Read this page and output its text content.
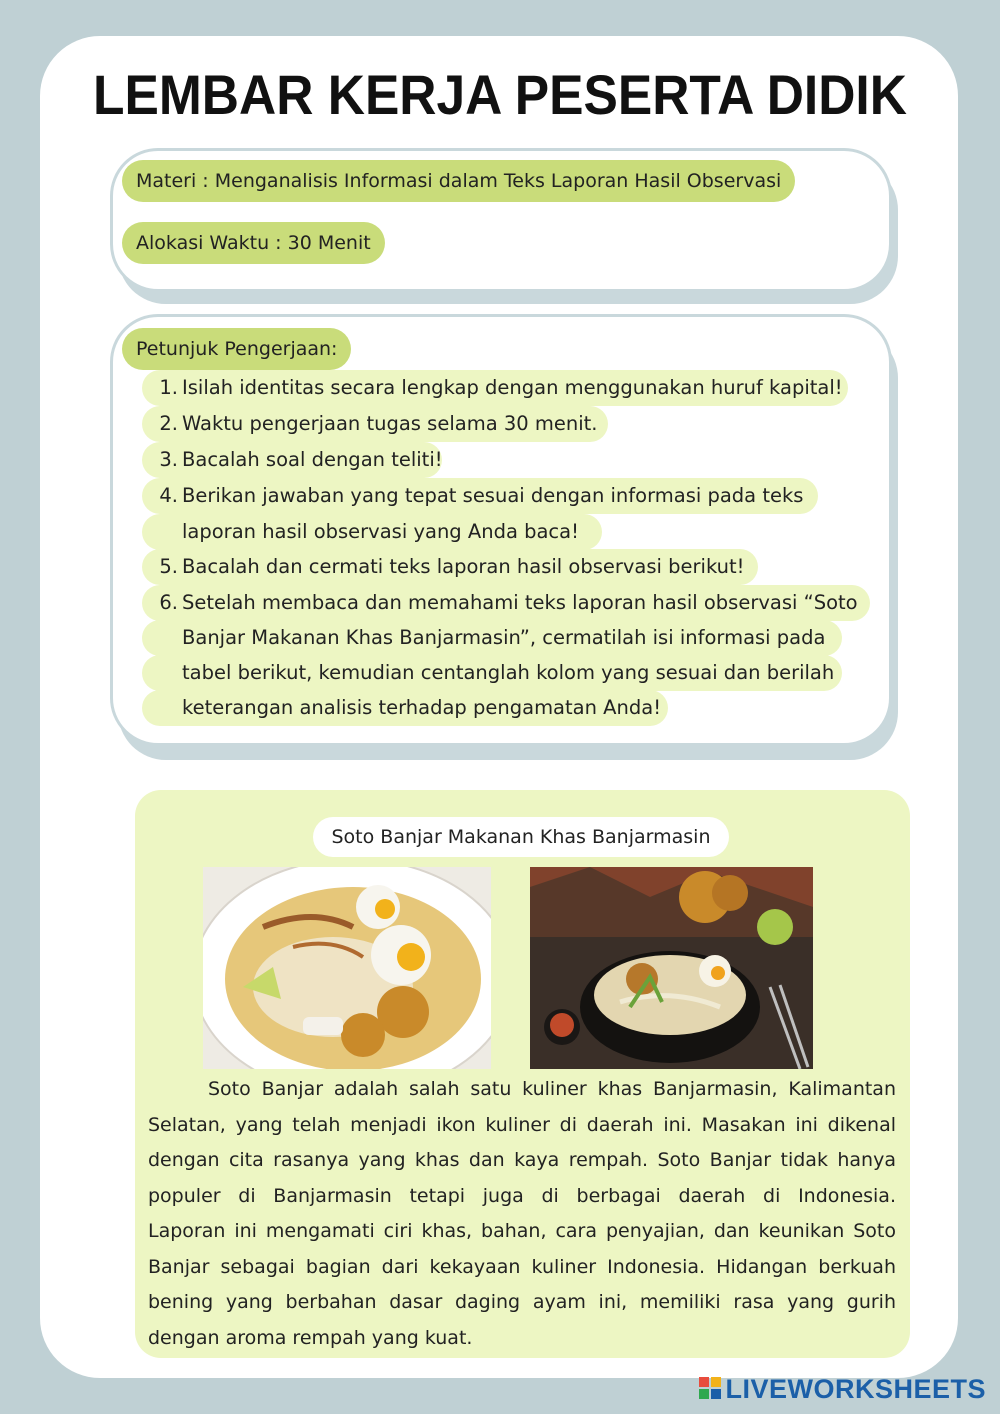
LEMBAR KERJA PESERTA DIDIK
Materi : Menganalisis Informasi dalam Teks Laporan Hasil Observasi
Alokasi Waktu : 30 Menit
Petunjuk Pengerjaan:
1. Isilah identitas secara lengkap dengan menggunakan huruf kapital!
2. Waktu pengerjaan tugas selama 30 menit.
3. Bacalah soal dengan teliti!
4. Berikan jawaban yang tepat sesuai dengan informasi pada teks
laporan hasil observasi yang Anda baca!
5. Bacalah dan cermati teks laporan hasil observasi berikut!
6. Setelah membaca dan memahami teks laporan hasil observasi “Soto
Banjar Makanan Khas Banjarmasin”, cermatilah isi informasi pada
tabel berikut, kemudian centanglah kolom yang sesuai dan berilah
keterangan analisis terhadap pengamatan Anda!
Soto Banjar Makanan Khas Banjarmasin
Soto Banjar adalah salah satu kuliner khas Banjarmasin, Kalimantan
Selatan, yang telah menjadi ikon kuliner di daerah ini. Masakan ini dikenal
dengan cita rasanya yang khas dan kaya rempah. Soto Banjar tidak hanya
populer di Banjarmasin tetapi juga di berbagai daerah di Indonesia.
Laporan ini mengamati ciri khas, bahan, cara penyajian, dan keunikan Soto
Banjar sebagai bagian dari kekayaan kuliner Indonesia. Hidangan berkuah
bening yang berbahan dasar daging ayam ini, memiliki rasa yang gurih
dengan aroma rempah yang kuat.
LIVEWORKSHEETS
